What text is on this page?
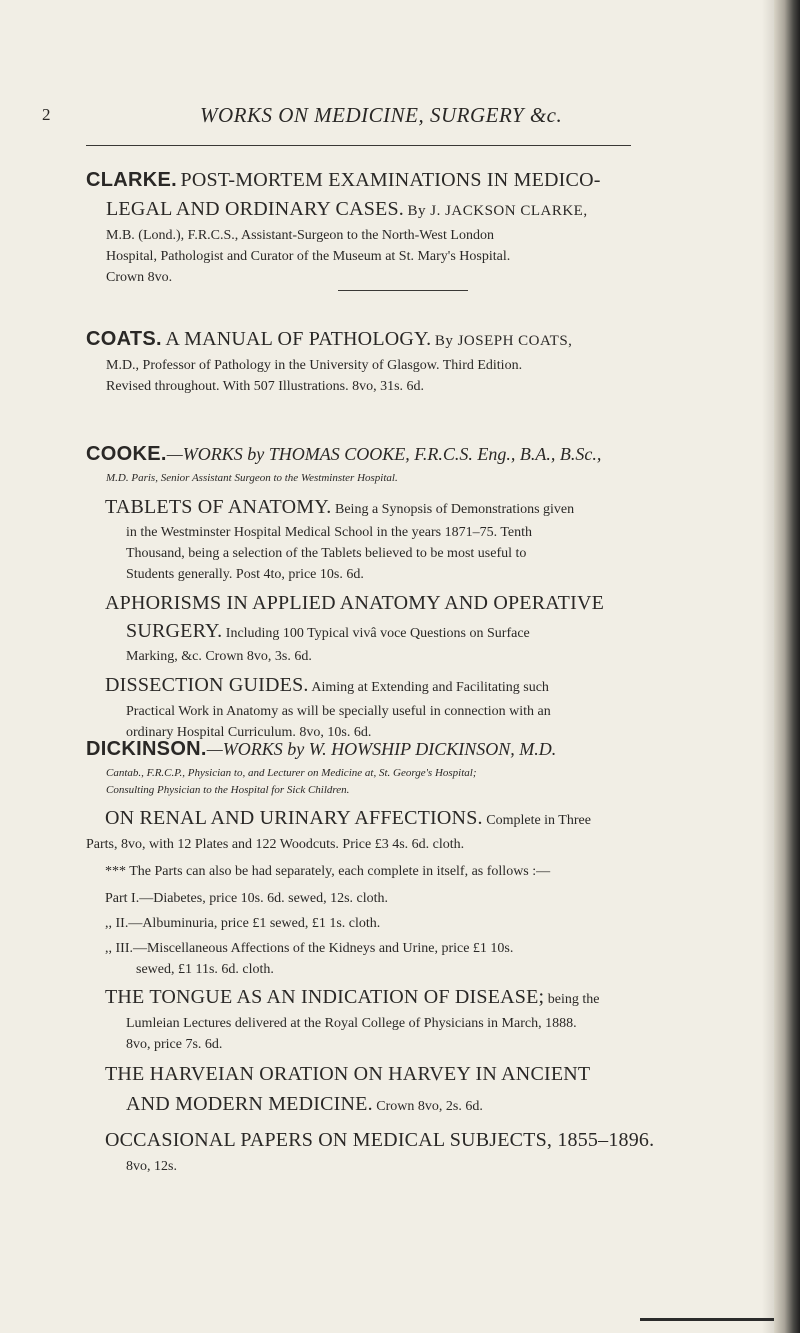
2	WORKS ON MEDICINE, SURGERY &c.
CLARKE. POST-MORTEM EXAMINATIONS IN MEDICO-
LEGAL AND ORDINARY CASES. By J. JACKSON CLARKE,
M.B. (Lond.), F.R.C.S., Assistant-Surgeon to the North-West London
Hospital, Pathologist and Curator of the Museum at St. Mary's Hospital.
Crown 8vo.
COATS. A MANUAL OF PATHOLOGY. By JOSEPH COATS,
M.D., Professor of Pathology in the University of Glasgow. Third Edition.
Revised throughout. With 507 Illustrations. 8vo, 31s. 6d.
COOKE.—WORKS by THOMAS COOKE, F.R.C.S. Eng., B.A., B.Sc.,
M.D. Paris, Senior Assistant Surgeon to the Westminster Hospital.
TABLETS OF ANATOMY. Being a Synopsis of Demonstrations given
in the Westminster Hospital Medical School in the years 1871–75. Tenth
Thousand, being a selection of the Tablets believed to be most useful to
Students generally. Post 4to, price 10s. 6d.
APHORISMS IN APPLIED ANATOMY AND OPERATIVE
SURGERY. Including 100 Typical vivâ voce Questions on Surface
Marking, &c. Crown 8vo, 3s. 6d.
DISSECTION GUIDES. Aiming at Extending and Facilitating such
Practical Work in Anatomy as will be specially useful in connection with an
ordinary Hospital Curriculum. 8vo, 10s. 6d.
DICKINSON.—WORKS by W. HOWSHIP DICKINSON, M.D.
Cantab., F.R.C.P., Physician to, and Lecturer on Medicine at, St. George's Hospital;
Consulting Physician to the Hospital for Sick Children.
ON RENAL AND URINARY AFFECTIONS. Complete in Three
Parts, 8vo, with 12 Plates and 122 Woodcuts. Price £3 4s. 6d. cloth.
*** The Parts can also be had separately, each complete in itself, as follows :—
Part I.—Diabetes, price 10s. 6d. sewed, 12s. cloth.
,, II.—Albuminuria, price £1 sewed, £1 1s. cloth.
,, III.—Miscellaneous Affections of the Kidneys and Urine, price £1 10s.
sewed, £1 11s. 6d. cloth.
THE TONGUE AS AN INDICATION OF DISEASE; being the
Lumleian Lectures delivered at the Royal College of Physicians in March, 1888.
8vo, price 7s. 6d.
THE HARVEIAN ORATION ON HARVEY IN ANCIENT
AND MODERN MEDICINE. Crown 8vo, 2s. 6d.
OCCASIONAL PAPERS ON MEDICAL SUBJECTS, 1855–1896.
8vo, 12s.
